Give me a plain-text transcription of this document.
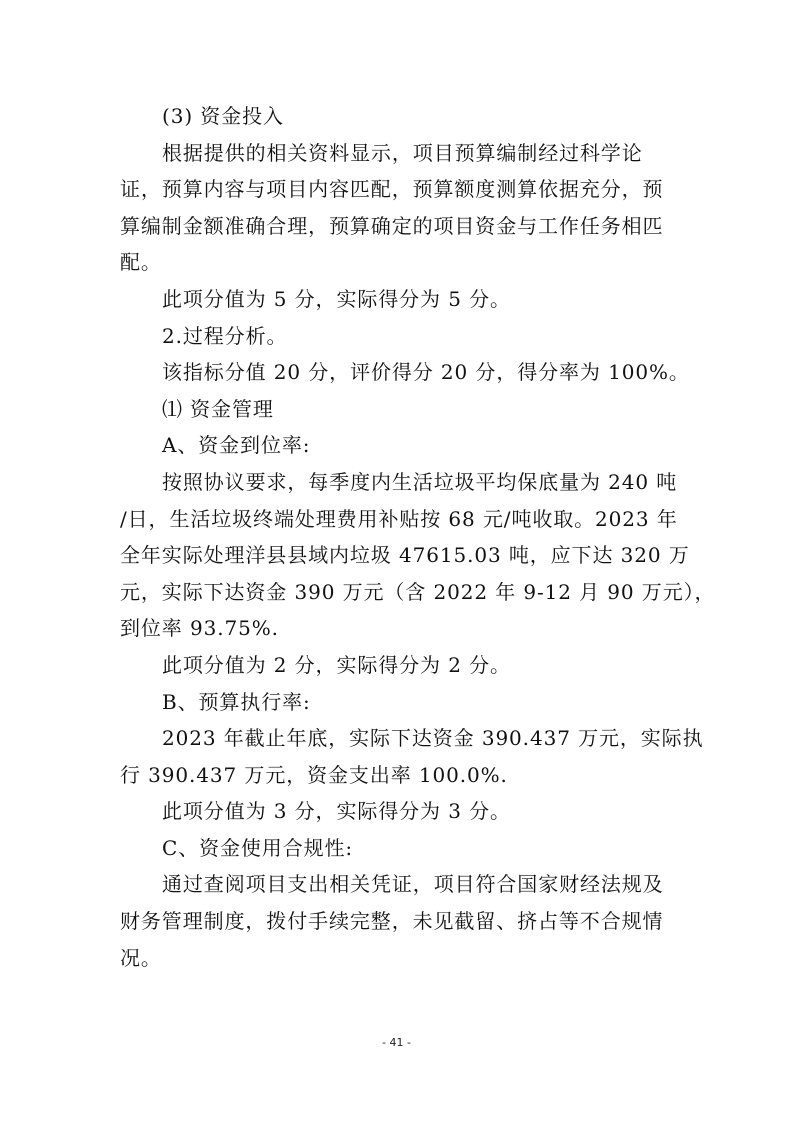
(3) 资金投入
根据提供的相关资料显示，项目预算编制经过科学论
证，预算内容与项目内容匹配，预算额度测算依据充分，预
算编制金额准确合理，预算确定的项目资金与工作任务相匹
配。
此项分值为 5 分，实际得分为 5 分。
2.过程分析。
该指标分值 20 分，评价得分 20 分，得分率为 100%。
⑴ 资金管理
A、资金到位率:
按照协议要求，每季度内生活垃圾平均保底量为 240 吨
/日，生活垃圾终端处理费用补贴按 68 元/吨收取。2023 年
全年实际处理洋县县域内垃圾 47615.03 吨，应下达 320 万
元，实际下达资金 390 万元（含 2022 年 9-12 月 90 万元），
到位率 93.75%.
此项分值为 2 分，实际得分为 2 分。
B、预算执行率:
2023 年截止年底，实际下达资金 390.437 万元，实际执
行 390.437 万元，资金支出率 100.0%.
此项分值为 3 分，实际得分为 3 分。
C、资金使用合规性:
通过查阅项目支出相关凭证，项目符合国家财经法规及
财务管理制度，拨付手续完整，未见截留、挤占等不合规情
况。
- 41 -
